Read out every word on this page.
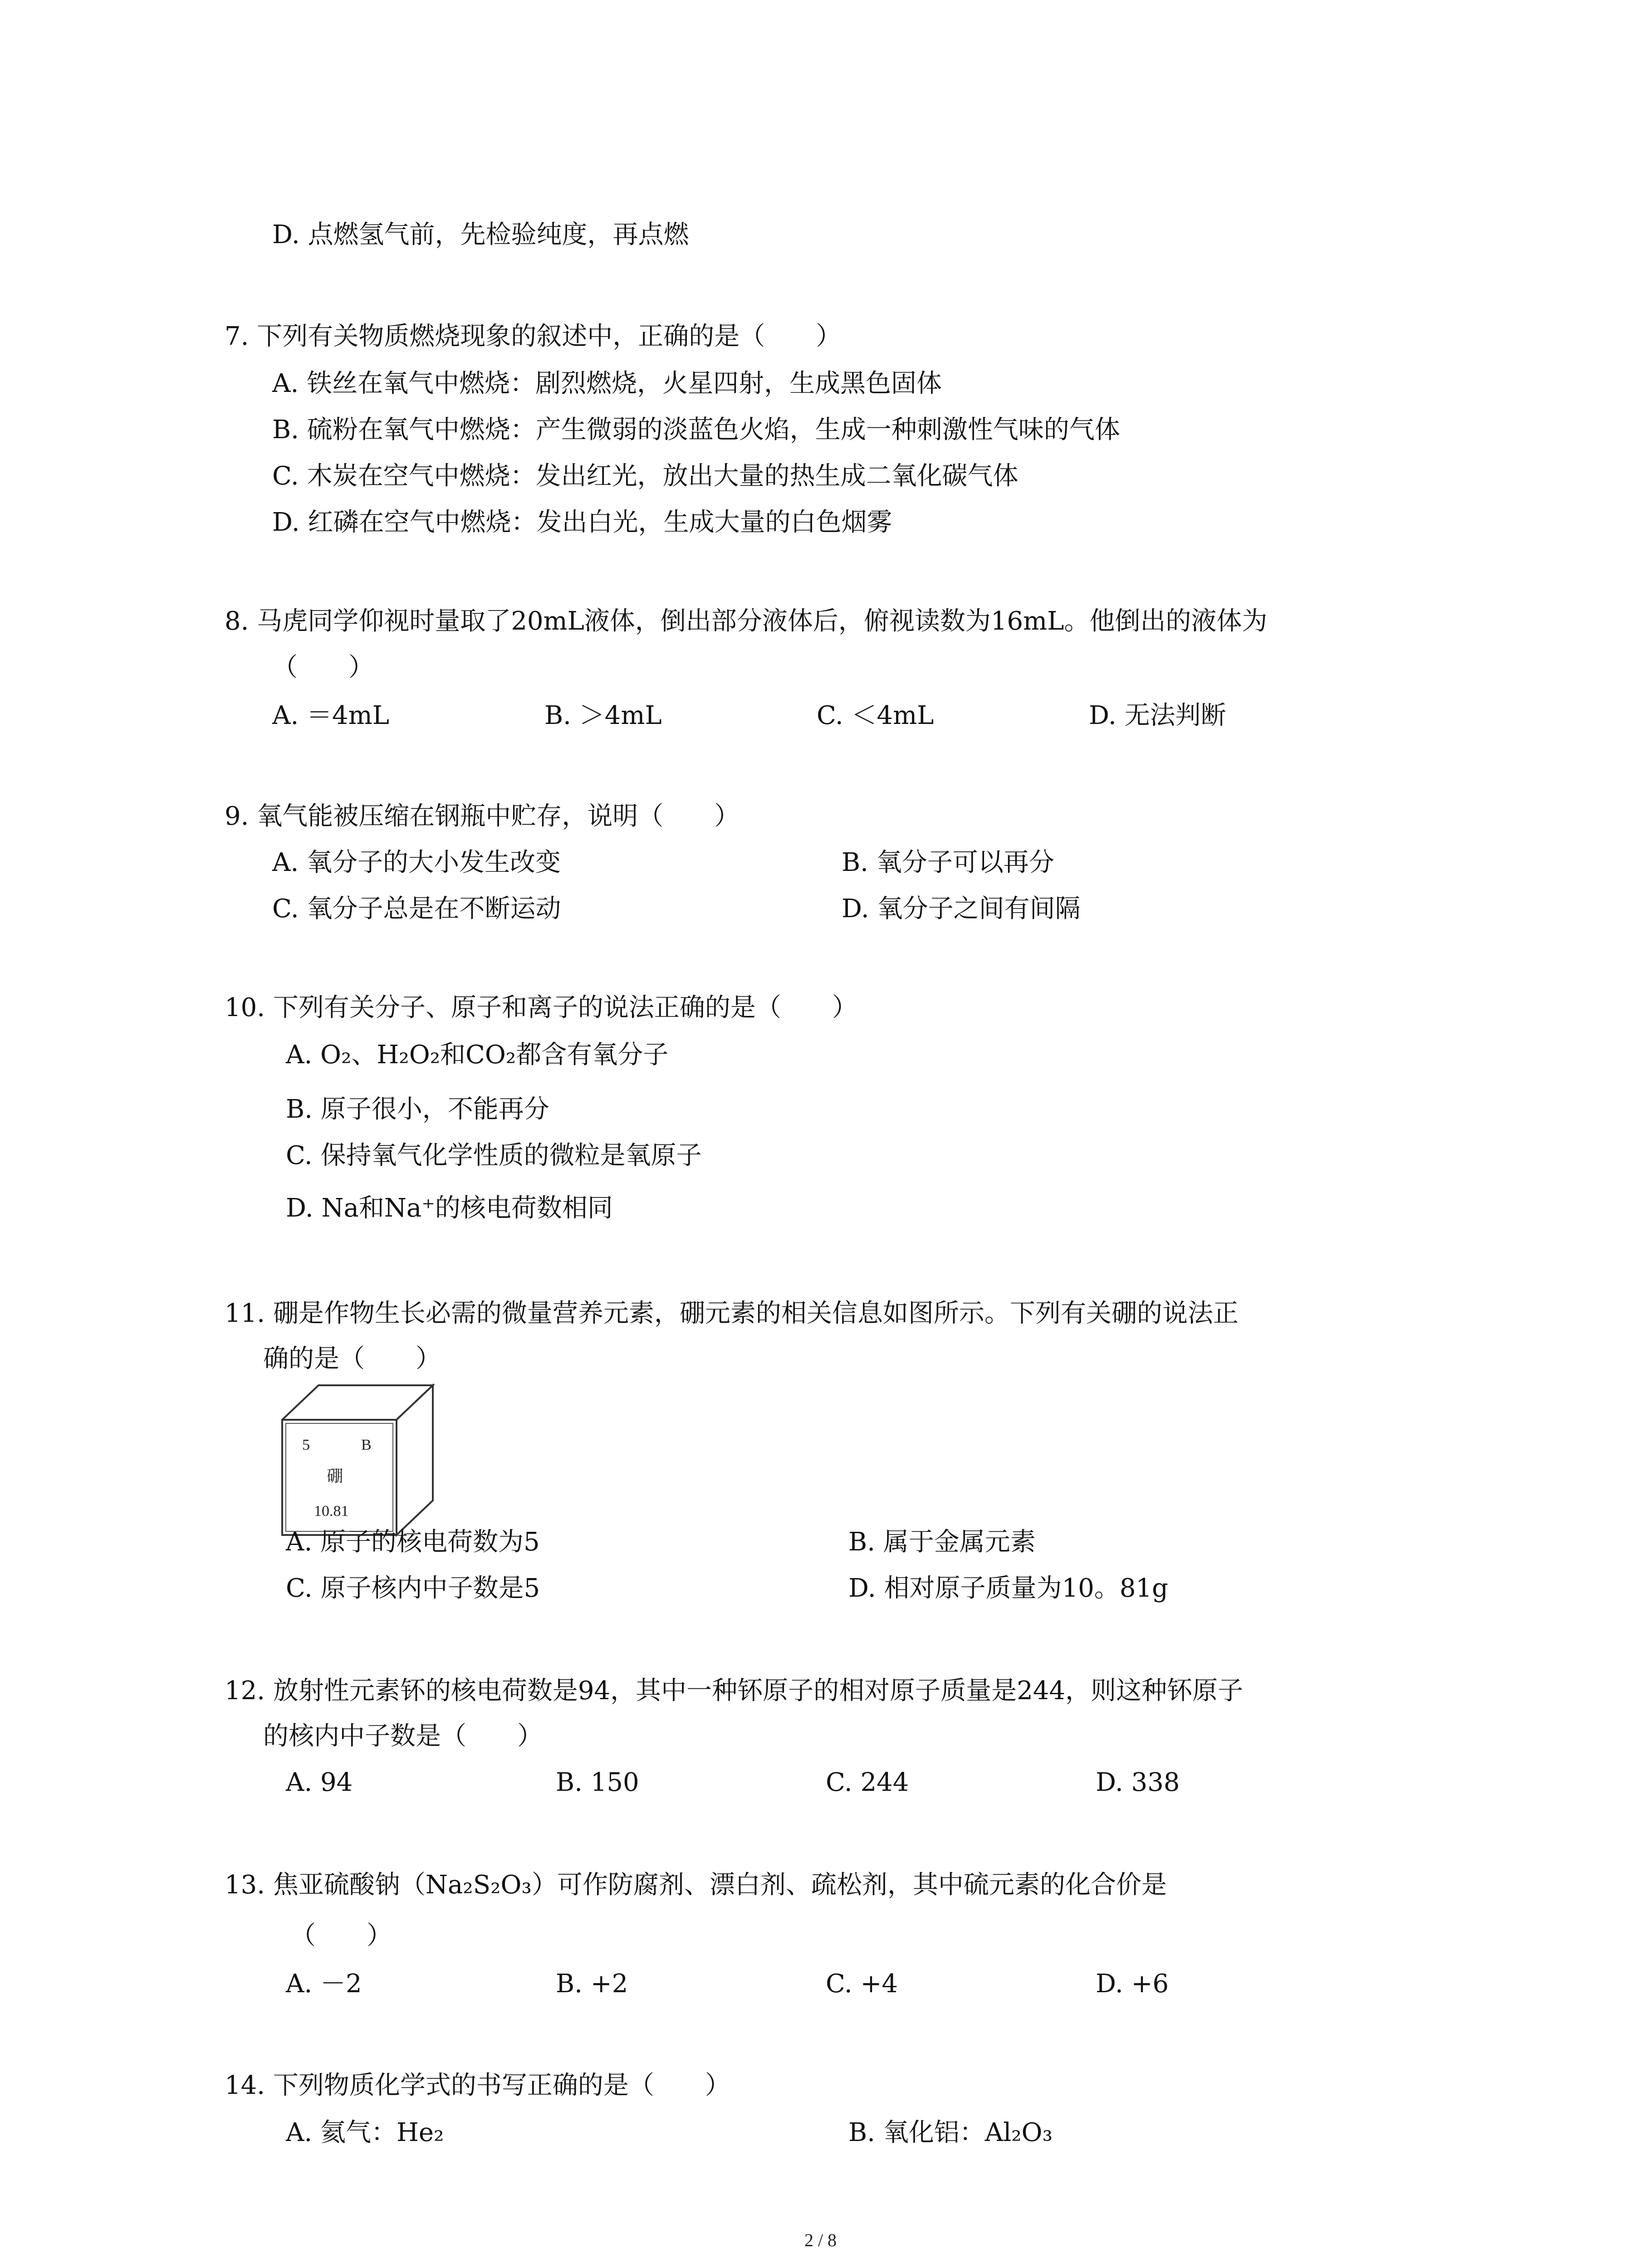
D. 点燃氢气前，先检验纯度，再点燃
7. 下列有关物质燃烧现象的叙述中，正确的是（　　）
A. 铁丝在氧气中燃烧：剧烈燃烧，火星四射，生成黑色固体
B. 硫粉在氧气中燃烧：产生微弱的淡蓝色火焰，生成一种刺激性气味的气体
C. 木炭在空气中燃烧：发出红光，放出大量的热生成二氧化碳气体
D. 红磷在空气中燃烧：发出白光，生成大量的白色烟雾
8. 马虎同学仰视时量取了20mL液体，倒出部分液体后，俯视读数为16mL。他倒出的液体为
（　　）
A. ＝4mL	B. ＞4mL	C. ＜4mL	D. 无法判断
9. 氧气能被压缩在钢瓶中贮存，说明（　　）
A. 氧分子的大小发生改变	B. 氧分子可以再分
C. 氧分子总是在不断运动	D. 氧分子之间有间隔
10. 下列有关分子、原子和离子的说法正确的是（　　）
A. O₂、H₂O₂和CO₂都含有氧分子
B. 原子很小，不能再分
C. 保持氧气化学性质的微粒是氧原子
D. Na和Na⁺的核电荷数相同
11. 硼是作物生长必需的微量营养元素，硼元素的相关信息如图所示。下列有关硼的说法正
确的是（　　）
5	B
硼
10.81
A. 原子的核电荷数为5	B. 属于金属元素
C. 原子核内中子数是5	D. 相对原子质量为10。81g
12. 放射性元素钚的核电荷数是94，其中一种钚原子的相对原子质量是244，则这种钚原子
的核内中子数是（　　）
A. 94	B. 150	C. 244	D. 338
13. 焦亚硫酸钠（Na₂S₂O₃）可作防腐剂、漂白剂、疏松剂，其中硫元素的化合价是
（　　）
A. －2	B. +2	C. +4	D. +6
14. 下列物质化学式的书写正确的是（　　）
A. 氦气：He₂	B. 氧化铝：Al₂O₃
2 / 8
